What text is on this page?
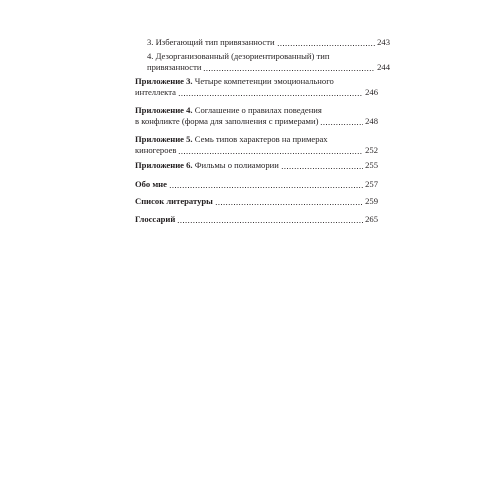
3. Избегающий тип привязанности	243
4. Дезорганизованный (дезориентированный) тип
привязанности	244
Приложение 3.
Четыре компетенции эмоционального
интеллекта	246
Приложение 4.
Соглашение о правилах поведения
в конфликте (форма для заполнения с примерами)	248
Приложение 5.
Семь типов характеров на примерах
киногероев	252
Приложение 6.
Фильмы о полиамории	255
Обо мне	257
Список литературы	259
Глоссарий	265
